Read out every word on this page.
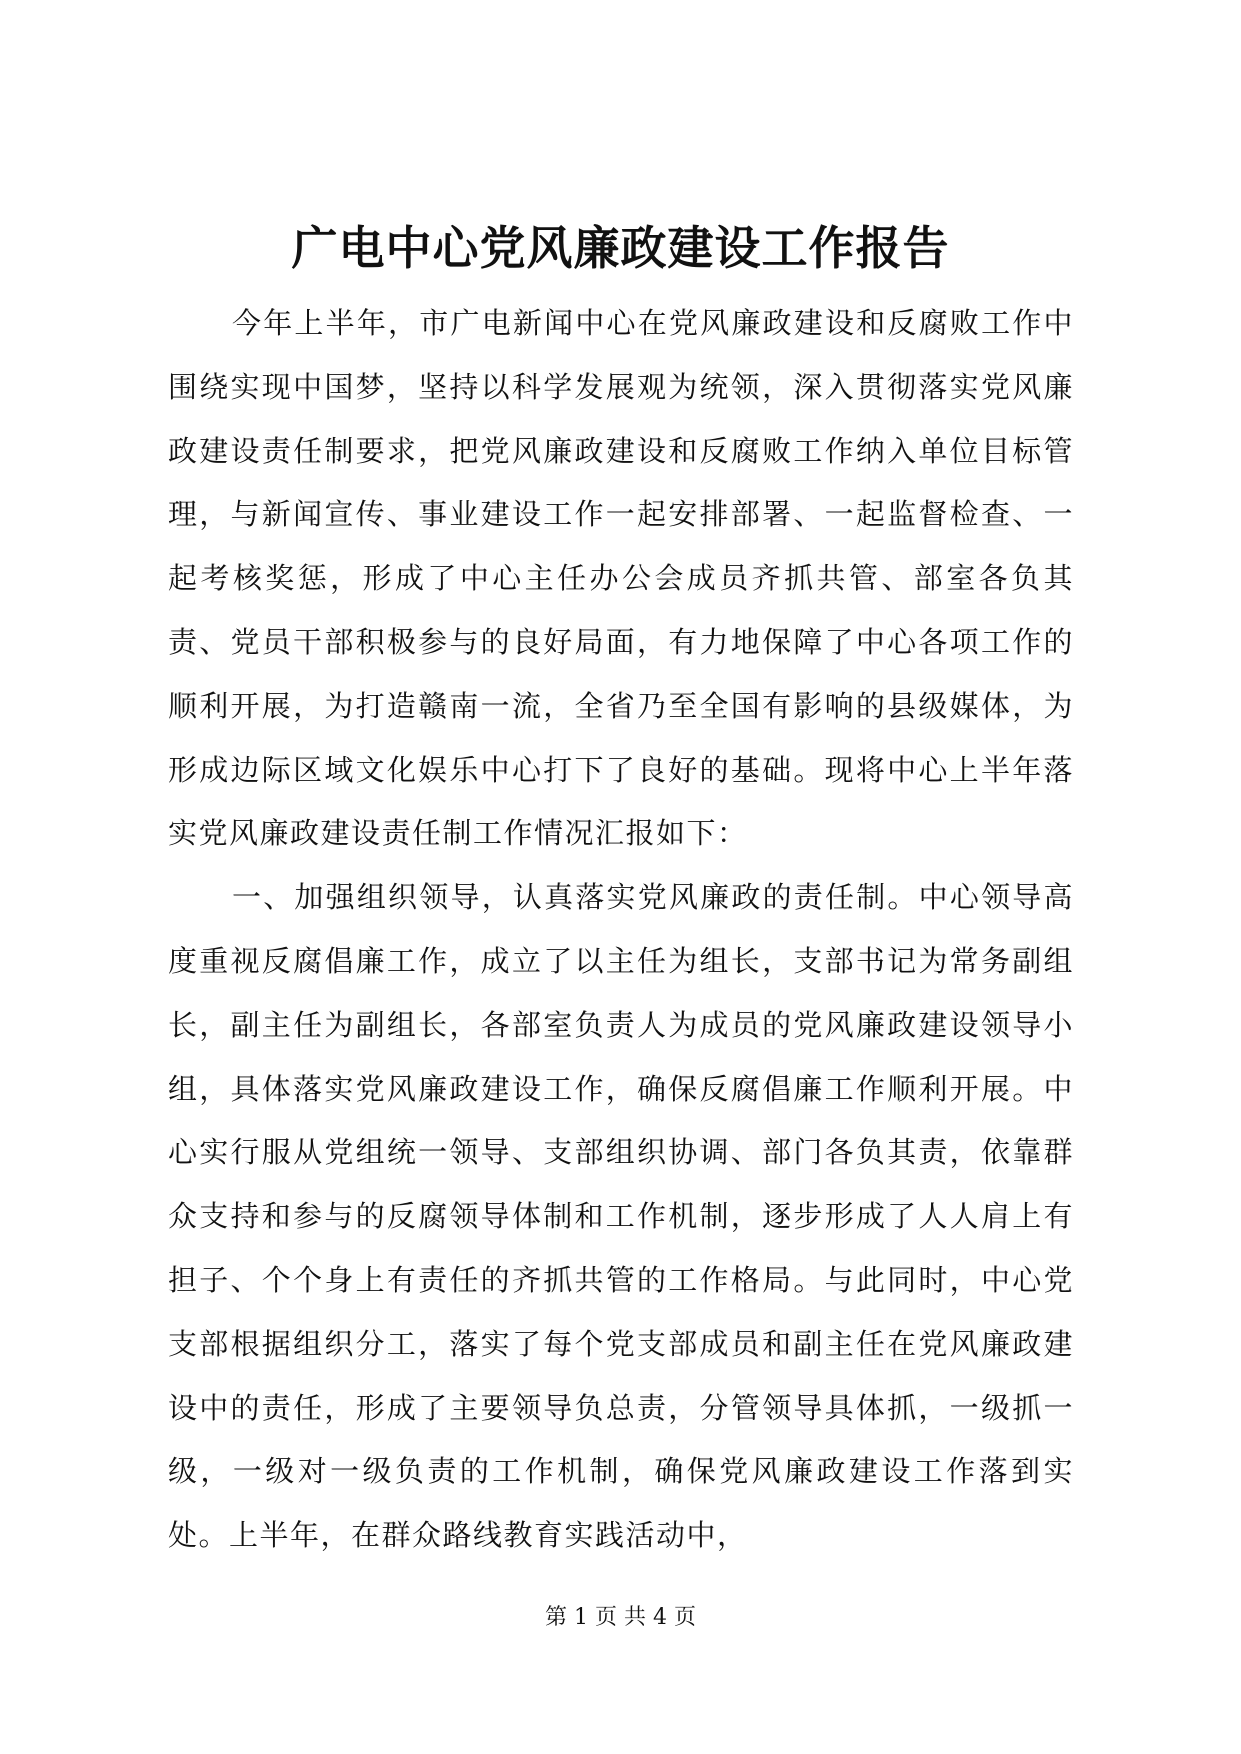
广电中心党风廉政建设工作报告

今年上半年，市广电新闻中心在党风廉政建设和反腐败工作中围绕实现中国梦，坚持以科学发展观为统领，深入贯彻落实党风廉政建设责任制要求，把党风廉政建设和反腐败工作纳入单位目标管理，与新闻宣传、事业建设工作一起安排部署、一起监督检查、一起考核奖惩，形成了中心主任办公会成员齐抓共管、部室各负其责、党员干部积极参与的良好局面，有力地保障了中心各项工作的顺利开展，为打造赣南一流，全省乃至全国有影响的县级媒体，为形成边际区域文化娱乐中心打下了良好的基础。现将中心上半年落实党风廉政建设责任制工作情况汇报如下：

一、加强组织领导，认真落实党风廉政的责任制。中心领导高度重视反腐倡廉工作，成立了以主任为组长，支部书记为常务副组长，副主任为副组长，各部室负责人为成员的党风廉政建设领导小组，具体落实党风廉政建设工作，确保反腐倡廉工作顺利开展。中心实行服从党组统一领导、支部组织协调、部门各负其责，依靠群众支持和参与的反腐领导体制和工作机制，逐步形成了人人肩上有担子、个个身上有责任的齐抓共管的工作格局。与此同时，中心党支部根据组织分工，落实了每个党支部成员和副主任在党风廉政建设中的责任，形成了主要领导负总责，分管领导具体抓，一级抓一级，一级对一级负责的工作机制，确保党风廉政建设工作落到实处。上半年，在群众路线教育实践活动中，

第 1 页 共 4 页
